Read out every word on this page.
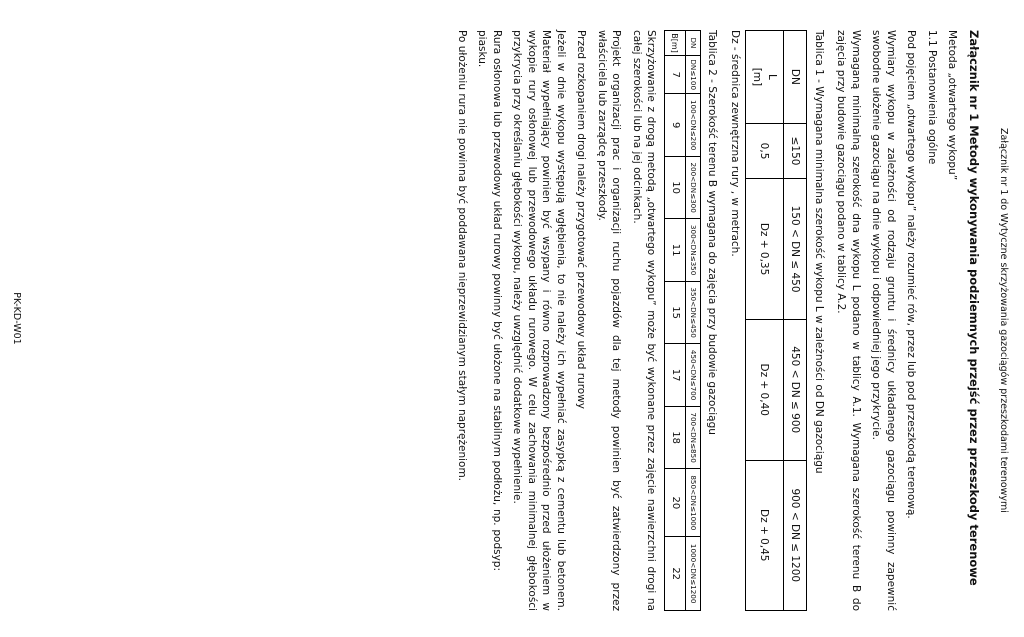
Załącznik nr 1 do Wytyczne skrzyżowania gazociągów przeszkodami terenowymi

Załącznik nr 1 Metody wykonywania podziemnych przejść przez przeszkody terenowe

Metoda „otwartego wykopu”

1.1 Postanowienia ogólne

Pod pojęciem „otwartego wykopu” należy rozumieć rów, przez lub pod przeszkodą terenową.

Wymiary wykopu w zależności od rodzaju gruntu i średnicy układanego gazociągu powinny zapewnić swobodne ułożenie gazociągu na dnie wykopu i odpowiedniej jego przykrycie.

Wymaganą minimalną szerokość dna wykopu L podano w tablicy A.1. Wymagana szerokość terenu B do zajęcia przy budowie gazociągu podano w tablicy A.2.

Tablica 1 - Wymagana minimalna szerokość wykopu L w zależności od DN gazociągu

DN	≤150	150 < DN ≤ 450	450 < DN ≤ 900	900 < DN ≤ 1200
L
[m]	0,5	Dz + 0,35	Dz + 0,40	Dz + 0,45

Dz - średnica zewnętrzna rury , w metrach.

Tablica 2 - Szerokość terenu B wymagana do zajęcia przy budowie gazociągu

DN	DN≤100	100<DN≤200	200<DN≤300	300<DN≤350	350<DN≤450	450<DN≤700	700<DN≤850	850<DN≤1000	1000<DN≤1200
B[m]	7	9	10	11	15	17	18	20	22

Skrzyżowanie z drogą metodą „otwartego wykopu” może być wykonane przez zajęcie nawierzchni drogi na całej szerokości lub na jej odcinkach.

Projekt organizacji prac i organizacji ruchu pojazdów dla tej metody powinien być zatwierdzony przez właściciela lub zarządcę przeszkody.

Przed rozkopaniem drogi należy przygotować przewodowy układ rurowy

Jeżeli w dnie wykopu występują wgłębienia, to nie należy ich wypełniać zasypką z cementu lub betonem. Materiał wypełniający powinien być wsypany i równo rozprowadzony bezpośrednio przed ułożeniem w wykopie rury osłonowej lub przewodowego układu rurowego. W celu zachowania minimalnej głębokości przykrycia przy określaniu głębokości wykopu, należy uwzględnić dodatkowe wypełnienie.

Rura osłonowa lub przewodowy układ rurowy powinny być ułożone na stabilnym podłożu, np. podsyp:piasku.

Po ułożeniu rura nie powinna być poddawana nieprzewidzianym stałym naprężeniom.

PK-KD-W01
